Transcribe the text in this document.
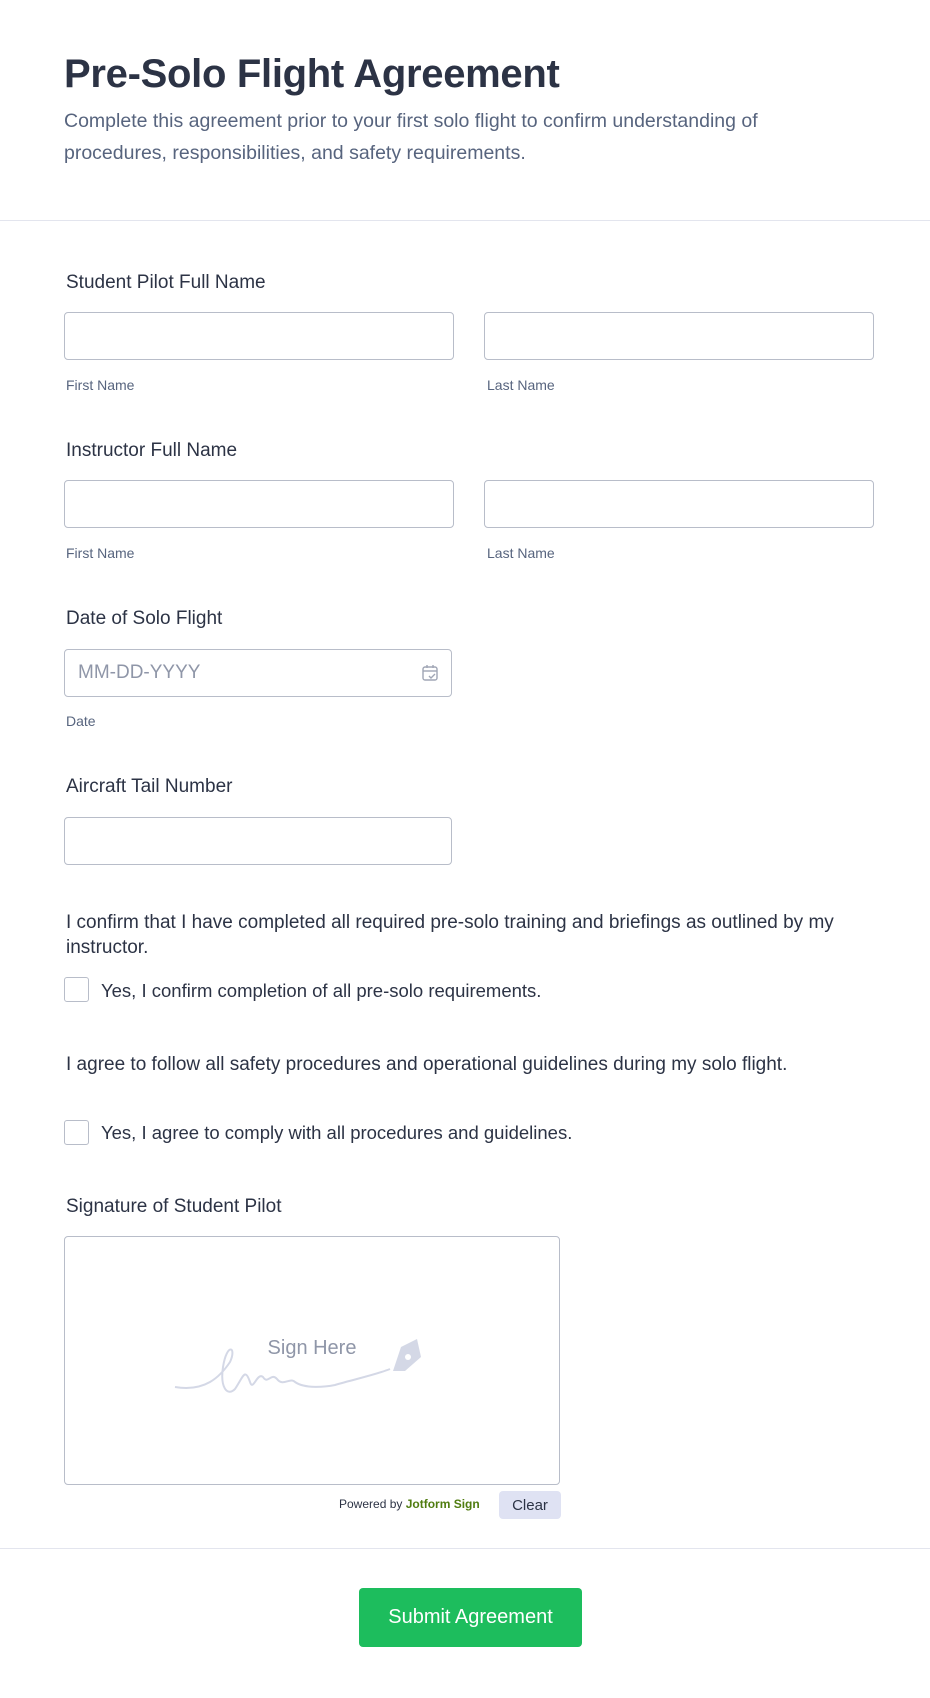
Pre-Solo Flight Agreement
Complete this agreement prior to your first solo flight to confirm understanding of procedures, responsibilities, and safety requirements.
Student Pilot Full Name
First Name	Last Name
Instructor Full Name
First Name	Last Name
Date of Solo Flight
MM-DD-YYYY
Date
Aircraft Tail Number
I confirm that I have completed all required pre-solo training and briefings as outlined by my instructor.
Yes, I confirm completion of all pre-solo requirements.
I agree to follow all safety procedures and operational guidelines during my solo flight.
Yes, I agree to comply with all procedures and guidelines.
Signature of Student Pilot
Sign Here
Powered by Jotform Sign	Clear
Submit Agreement
